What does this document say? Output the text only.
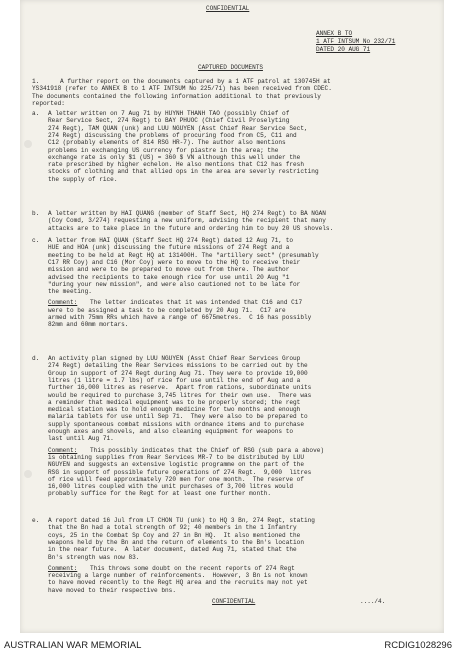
CONFIDENTIAL
ANNEX B TO
1 ATF INTSUM No 232/71
DATED 20 AUG 71
CAPTURED DOCUMENTS
1.	A further report on the documents captured by a 1 ATF patrol at 130745H at
YS341918 (refer to ANNEX B to 1 ATF INTSUM No 225/71) has been received from CDEC.
The documents contained the following information additional to that previously
reported:
a. A letter written on 7 Aug 71 by HUYNH THANH TAO (possibly Chief of
Rear Service Sect, 274 Regt) to BAY PHUOC (Chief Civil Proselyting
274 Regt), TAM QUAN (unk) and LUU NGUYEN (Asst Chief Rear Service Sect,
274 Regt) discussing the problems of procuring food from C5, C11 and
C12 (probably elements of 814 RSG HR-7). The author also mentions
problems in exchanging US currency for piastre in the area; the
exchange rate is only $1 (US) = 360 $ VN although this well under the
rate prescribed by higher echelon. He also mentions that C12 has fresh
stocks of clothing and that allied ops in the area are severly restricting
the supply of rice.
b. A letter written by HAI QUANG (member of Staff Sect, HQ 274 Regt) to BA NGAN
(Coy Comd, 3/274) requesting a new uniform, advising the recipient that many
attacks are to take place in the future and ordering him to buy 20 US shovels.
c. A letter from HAI QUAN (Staff Sect HQ 274 Regt) dated 12 Aug 71, to
HUE and HOA (unk) discussing the future missions of 274 Regt and a
meeting to be held at Regt HQ at 131400H. The "artillery sect" (presumably
C17 RR Coy) and C16 (Mor Coy) were to move to the HQ to receive their
mission and were to be prepared to move out from there. The author
advised the recipients to take enough rice for use until 20 Aug "1
"during your new mission", and were also cautioned not to be late for
the meeting.
Comment: The letter indicates that it was intended that C16 and C17
were to be assigned a task to be completed by 20 Aug 71.  C17 are
armed with 75mm RRs which have a range of 6675metres.  C 16 has possibly
82mm and 60mm mortars.
d. An activity plan signed by LUU NGUYEN (Asst Chief Rear Services Group
274 Regt) detailing the Rear Services missions to be carried out by the
Group in support of 274 Regt during Aug 71. They were to provide 19,000
litres (1 litre = 1.7 lbs) of rice for use until the end of Aug and a
further 16,000 litres as reserve.  Apart from rations, subordinate units
would be required to purchase 3,745 litres for their own use.  There was
a reminder that medical equipment was to be properly stored; the regt
medical station was to hold enough medicine for two months and enough
malaria tablets for use until Sep 71.  They were also to be prepared to
supply spontaneous combat missions with ordnance items and to purchase
enough axes and shovels, and also cleaning equipment for weapons to
last until Aug 71.
Comment: This possibly indicates that the Chief of RSG (sub para a above)
is obtaining supplies from Rear Services MR-7 to be distributed by LUU
NGUYEN and suggests an extensive logistic programme on the part of the
RSG in support of possible future operations of 274 Regt.  9,000  litres
of rice will feed approximately 720 men for one month.  The reserve of
16,000 litres coupled with the unit purchases of 3,700 litres would
probably suffice for the Regt for at least one further month.
e. A report dated 16 Jul from LT CHON TU (unk) to HQ 3 Bn, 274 Regt, stating
that the Bn had a total strength of 92; 40 members in the 1 Infantry
coys, 25 in the Combat Sp Coy and 27 in Bn HQ.  It also mentioned the
weapons held by the Bn and the return of elements to the Bn's location
in the near future.  A later document, dated Aug 71, stated that the
Bn's strength was now 83.
Comment: This throws some doubt on the recent reports of 274 Regt
receiving a large number of reinforcements.  However, 3 Bn is not known
to have moved recently to the Regt HQ area and the recruits may not yet
have moved to their respective bns.
CONFIDENTIAL	..../4.
AUSTRALIAN WAR MEMORIAL	RCDIG1028296
